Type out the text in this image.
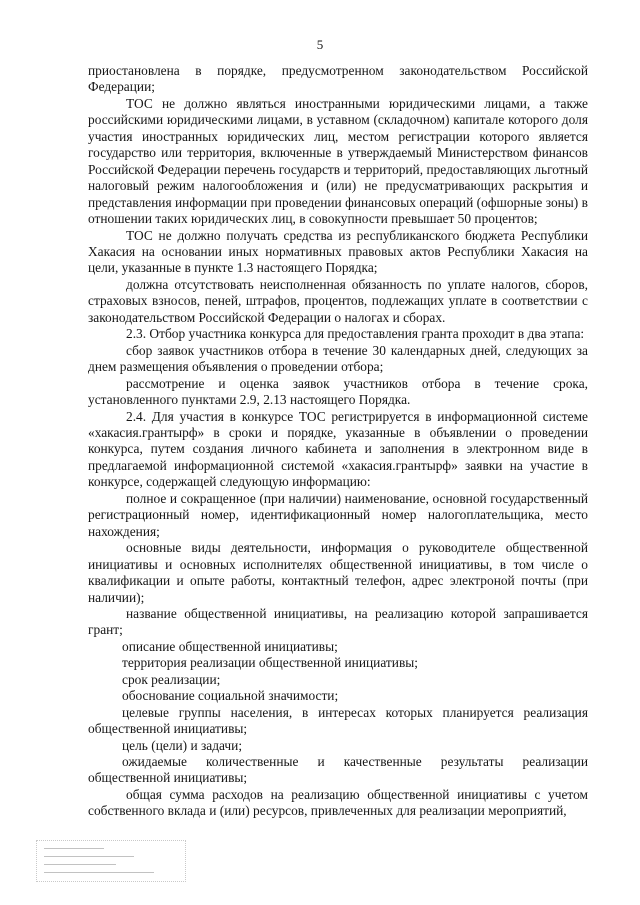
5

приостановлена в порядке, предусмотренном законодательством Российской Федерации;

ТОС не должно являться иностранными юридическими лицами, а также российскими юридическими лицами, в уставном (складочном) капитале которого доля участия иностранных юридических лиц, местом регистрации которого является государство или территория, включенные в утверждаемый Министерством финансов Российской Федерации перечень государств и территорий, предоставляющих льготный налоговый режим налогообложения и (или) не предусматривающих раскрытия и представления информации при проведении финансовых операций (офшорные зоны) в отношении таких юридических лиц, в совокупности превышает 50 процентов;

ТОС не должно получать средства из республиканского бюджета Республики Хакасия на основании иных нормативных правовых актов Республики Хакасия на цели, указанные в пункте 1.3 настоящего Порядка;

должна отсутствовать неисполненная обязанность по уплате налогов, сборов, страховых взносов, пеней, штрафов, процентов, подлежащих уплате в соответствии с законодательством Российской Федерации о налогах и сборах.

2.3. Отбор участника конкурса для предоставления гранта проходит в два этапа:

сбор заявок участников отбора в течение 30 календарных дней, следующих за днем размещения объявления о проведении отбора;

рассмотрение и оценка заявок участников отбора в течение срока, установленного пунктами 2.9, 2.13 настоящего Порядка.

2.4. Для участия в конкурсе ТОС регистрируется в информационной системе «хакасия.грантырф» в сроки и порядке, указанные в объявлении о проведении конкурса, путем создания личного кабинета и заполнения в электронном виде в предлагаемой информационной системой «хакасия.грантырф» заявки на участие в конкурсе, содержащей следующую информацию:

полное и сокращенное (при наличии) наименование, основной государственный регистрационный номер, идентификационный номер налогоплательщика, место нахождения;

основные виды деятельности, информация о руководителе общественной инициативы и основных исполнителях общественной инициативы, в том числе о квалификации и опыте работы, контактный телефон, адрес электроной почты (при наличии);

название общественной инициативы, на реализацию которой запрашивается грант;

описание общественной инициативы;

территория реализации общественной инициативы;

срок реализации;

обоснование социальной значимости;

целевые группы населения, в интересах которых планируется реализация общественной инициативы;

цель (цели) и задачи;

ожидаемые количественные и качественные результаты реализации общественной инициативы;

общая сумма расходов на реализацию общественной инициативы с учетом собственного вклада и (или) ресурсов, привлеченных для реализации мероприятий,
